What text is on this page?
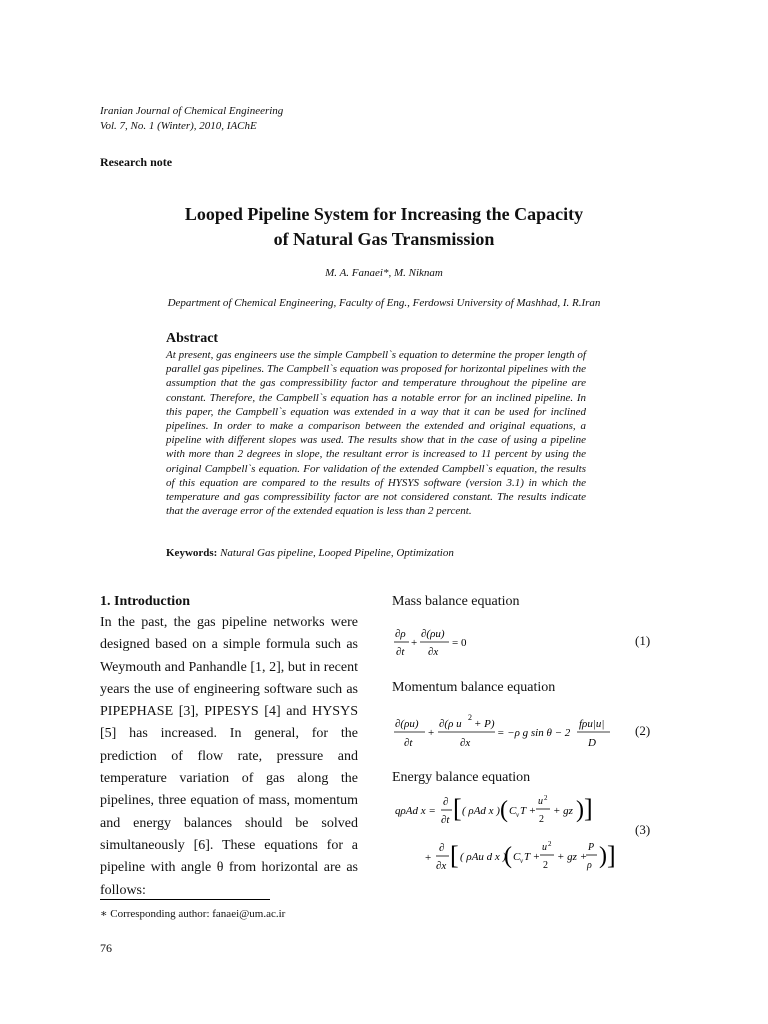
Iranian Journal of Chemical Engineering
Vol. 7, No. 1 (Winter), 2010, IAChE
Research note
Looped Pipeline System for Increasing the Capacity
of Natural Gas Transmission
M. A. Fanaei*, M. Niknam
Department of Chemical Engineering, Faculty of Eng., Ferdowsi University of Mashhad, I. R.Iran
Abstract
At present, gas engineers use the simple Campbell`s equation to determine the proper length of parallel gas pipelines. The Campbell`s equation was proposed for horizontal pipelines with the assumption that the gas compressibility factor and temperature throughout the pipeline are constant. Therefore, the Campbell`s equation has a notable error for an inclined pipeline. In this paper, the Campbell`s equation was extended in a way that it can be used for inclined pipelines. In order to make a comparison between the extended and original equations, a pipeline with different slopes was used. The results show that in the case of using a pipeline with more than 2 degrees in slope, the resultant error is increased to 11 percent by using the original Campbell`s equation. For validation of the extended Campbell`s equation, the results of this equation are compared to the results of HYSYS software (version 3.1) in which the temperature and gas compressibility factor are not considered constant. The results indicate that the average error of the extended equation is less than 2 percent.
Keywords: Natural Gas pipeline, Looped Pipeline, Optimization
1. Introduction
In the past, the gas pipeline networks were designed based on a simple formula such as Weymouth and Panhandle [1, 2], but in recent years the use of engineering software such as PIPEPHASE [3], PIPESYS [4] and HYSYS [5] has increased. In general, for the prediction of flow rate, pressure and temperature variation of gas along the pipelines, three equation of mass, momentum and energy balances should be solved simultaneously [6]. These equations for a pipeline with angle θ from horizontal are as follows:
Mass balance equation
∂ρ
∂t
+
∂(ρu)
∂x
= 0	(1)
Momentum balance equation
∂(ρu)
∂t
+
∂(ρ u
2
+ P)
∂x
= −ρ g sin θ − 2
fρu|u|
D
(2)
Energy balance equation
qρAd x =
∂
∂t [ ( ρAd x ) ( C v T +
u 2
2
+ gz ) ]
+
∂
∂x [ ( ρAu d x )
( C v T +
u 2
2
+ gz +
P
ρ ) ]
(3)
∗ Corresponding author: fanaei@um.ac.ir
76
